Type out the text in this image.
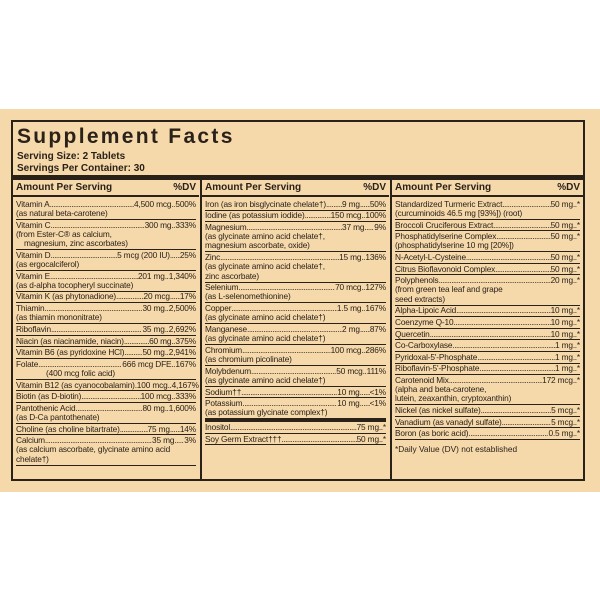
Supplement Facts
Serving Size: 2 Tablets
Servings Per Container: 30
Amount Per Serving	%DV
Vitamin A .....	4,500 mcg ..... 500%
(as natural beta-carotene)
Vitamin C .....	300 mg ..... 333%
(from Ester-C® as calcium,
magnesium, zinc ascorbates)
Vitamin D .....	5 mcg (200 IU) ..... 25%
(as ergocalciferol)
Vitamin E .....	201 mg ..... 1,340%
(as d-alpha tocopheryl succinate)
Vitamin K (as phytonadione) .....	20 mcg ..... 17%
Thiamin .....	30 mg ..... 2,500%
(as thiamin mononitrate)
Riboflavin .....	35 mg ..... 2,692%
Niacin (as niacinamide, niacin) .....	60 mg ..... 375%
Vitamin B6 (as pyridoxine HCl) ..... 50 mg ..... 2,941%
Folate .....	666 mcg DFE ..... 167%
(400 mcg folic acid)
Vitamin B12 (as cyanocobalamin) ..... 100 mcg ..... 4,167%
Biotin (as D-biotin) .....	100 mcg ..... 333%
Pantothenic Acid .....	80 mg ..... 1,600%
(as D-Ca pantothenate)
Choline (as choline bitartrate) .....	75 mg ..... 14%
Calcium .....	35 mg ..... 3%
(as calcium ascorbate, glycinate amino acid
chelate†)
Amount Per Serving	%DV
Iron (as iron bisglycinate chelate†) ..... 9 mg ..... 50%
Iodine (as potassium iodide) .....	150 mcg ..... 100%
Magnesium .....	37 mg ..... 9%
(as glycinate amino acid chelate†,
magnesium ascorbate, oxide)
Zinc .....	15 mg ..... 136%
(as glycinate amino acid chelate†,
zinc ascorbate)
Selenium .....	70 mcg ..... 127%
(as L-selenomethionine)
Copper .....	1.5 mg ..... 167%
(as glycinate amino acid chelate†)
Manganese .....	2 mg ..... 87%
(as glycinate amino acid chelate†)
Chromium .....	100 mcg ..... 286%
(as chromium picolinate)
Molybdenum .....	50 mcg ..... 111%
(as glycinate amino acid chelate†)
Sodium†† .....	10 mg ..... <1%
Potassium .....	10 mg ..... <1%
(as potassium glycinate complex†)
Inositol .....	75 mg ..... *
Soy Germ Extract††† .....	50 mg ..... *
Amount Per Serving	%DV
Standardized Turmeric Extract .....	50 mg ..... *
(curcuminoids 46.5 mg [93%]) (root)
Broccoli Cruciferous Extract .....	50 mg ..... *
Phosphatidylserine Complex .....	50 mg ..... *
(phosphatidylserine 10 mg [20%])
N-Acetyl-L-Cysteine .....	50 mg ..... *
Citrus Bioflavonoid Complex .....	50 mg ..... *
Polyphenols .....	20 mg ..... *
(from green tea leaf and grape
seed extracts)
Alpha-Lipoic Acid .....	10 mg ..... *
Coenzyme Q-10 .....	10 mg ..... *
Quercetin .....	10 mg ..... *
Co-Carboxylase .....	1 mg ..... *
Pyridoxal-5'-Phosphate .....	1 mg ..... *
Riboflavin-5'-Phosphate .....	1 mg ..... *
Carotenoid Mix .....	172 mcg ..... *
(alpha and beta-carotene,
lutein, zeaxanthin, cryptoxanthin)
Nickel (as nickel sulfate) .....	5 mcg ..... *
Vanadium (as vanadyl sulfate) .....	5 mcg ..... *
Boron (as boric acid) .....	0.5 mg ..... *
*Daily Value (DV) not established
